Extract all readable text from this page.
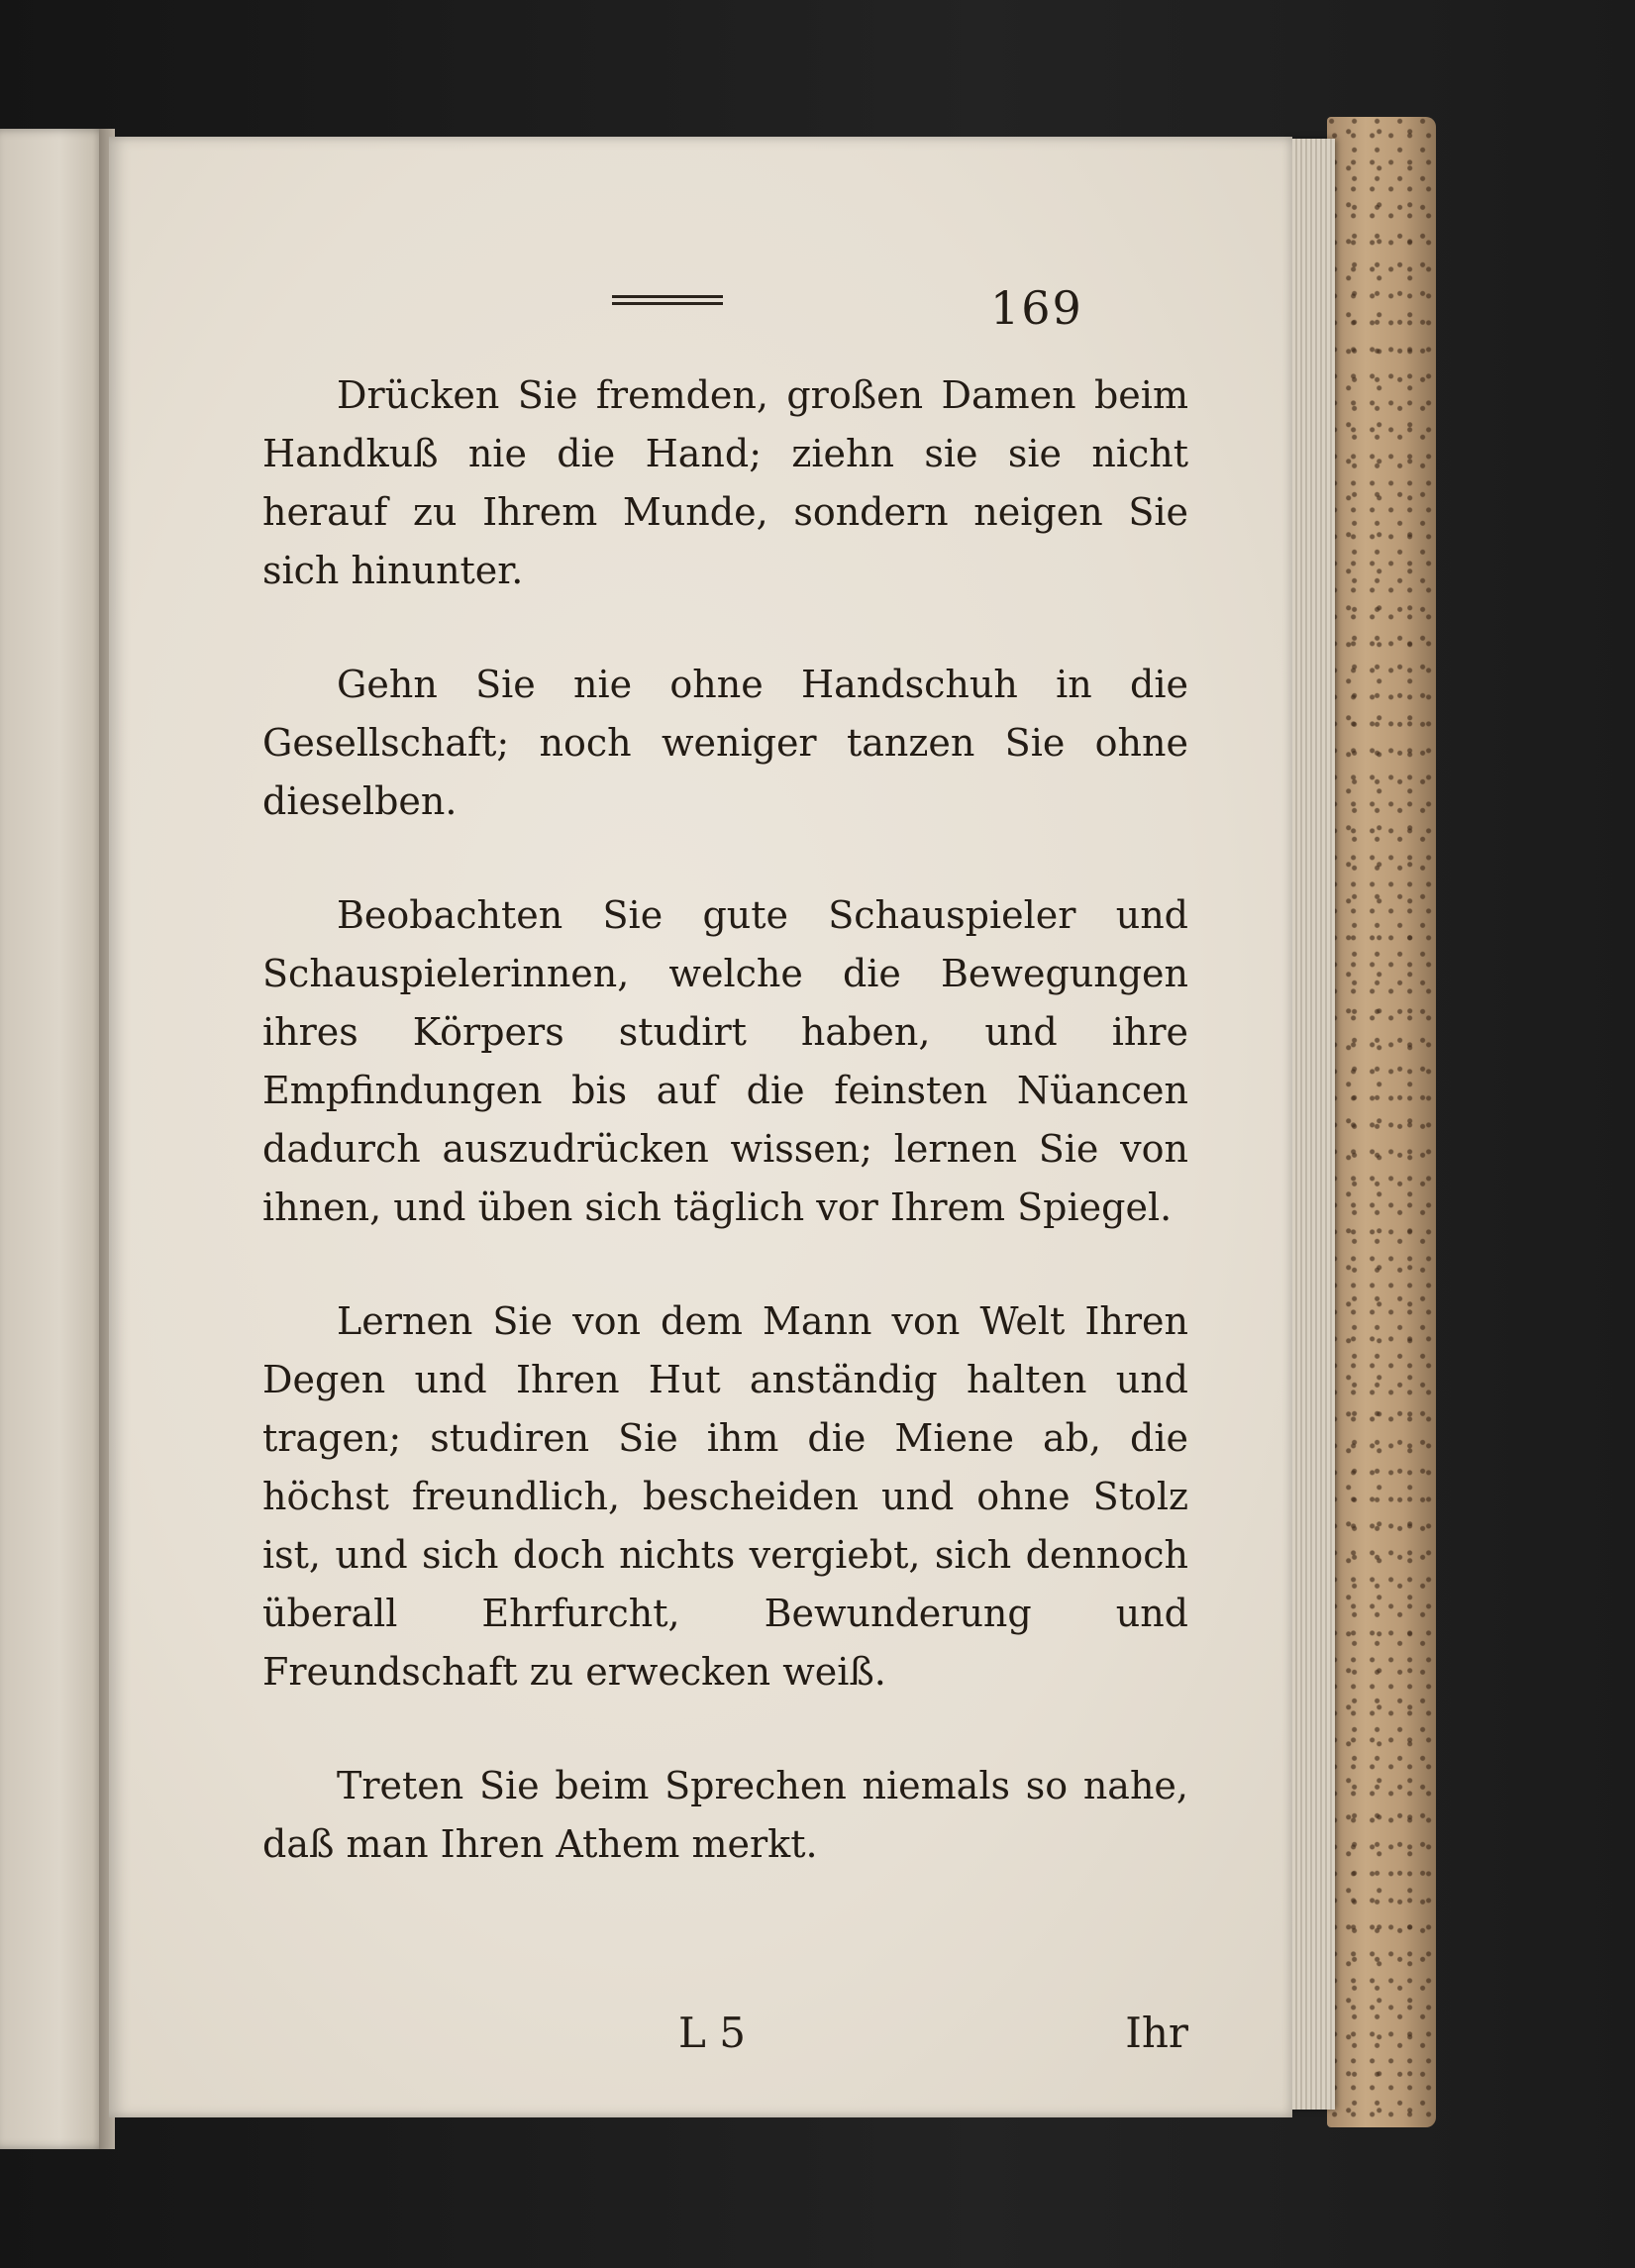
169

Drücken Sie fremden, großen Damen beim Handkuß nie die Hand; ziehn sie sie nicht herauf zu Ihrem Munde, sondern neigen Sie sich hinunter.

Gehn Sie nie ohne Handschuh in die Gesellschaft; noch weniger tanzen Sie ohne dieselben.

Beobachten Sie gute Schauspieler und Schauspielerinnen, welche die Bewegungen ihres Körpers studirt haben, und ihre Empfindungen bis auf die feinsten Nüancen dadurch auszudrücken wissen; lernen Sie von ihnen, und üben sich täglich vor Ihrem Spiegel.

Lernen Sie von dem Mann von Welt Ihren Degen und Ihren Hut anständig halten und tragen; studiren Sie ihm die Miene ab, die höchst freundlich, bescheiden und ohne Stolz ist, und sich doch nichts vergiebt, sich dennoch überall Ehrfurcht, Bewunderung und Freundschaft zu erwecken weiß.

Treten Sie beim Sprechen niemals so nahe, daß man Ihren Athem merkt.

L 5	Ihr
